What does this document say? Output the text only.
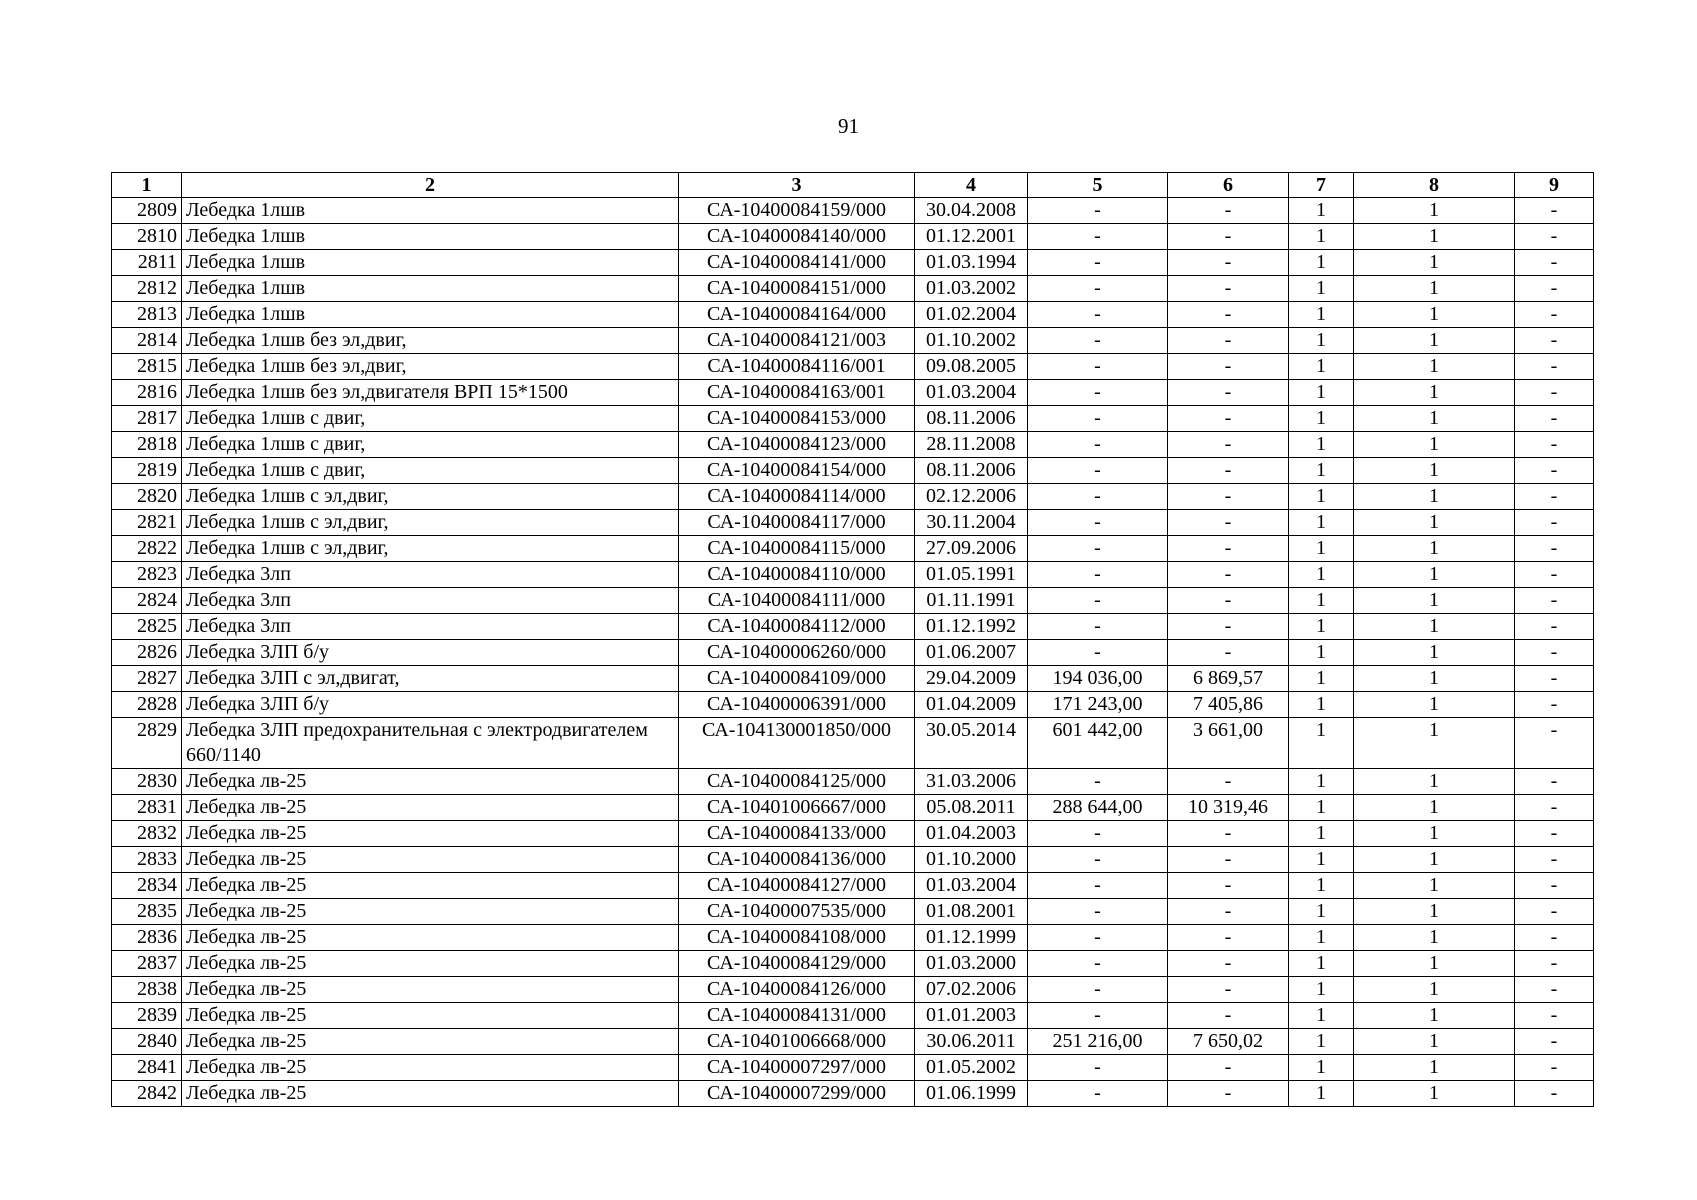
91
1	2	3	4	5	6	7	8	9
2809	Лебедка 1лшв	СА-10400084159/000	30.04.2008	-	-	1	1	-
2810	Лебедка 1лшв	СА-10400084140/000	01.12.2001	-	-	1	1	-
2811	Лебедка 1лшв	СА-10400084141/000	01.03.1994	-	-	1	1	-
2812	Лебедка 1лшв	СА-10400084151/000	01.03.2002	-	-	1	1	-
2813	Лебедка 1лшв	СА-10400084164/000	01.02.2004	-	-	1	1	-
2814	Лебедка 1лшв без эл,двиг,	СА-10400084121/003	01.10.2002	-	-	1	1	-
2815	Лебедка 1лшв без эл,двиг,	СА-10400084116/001	09.08.2005	-	-	1	1	-
2816	Лебедка 1лшв без эл,двигателя ВРП 15*1500	СА-10400084163/001	01.03.2004	-	-	1	1	-
2817	Лебедка 1лшв с двиг,	СА-10400084153/000	08.11.2006	-	-	1	1	-
2818	Лебедка 1лшв с двиг,	СА-10400084123/000	28.11.2008	-	-	1	1	-
2819	Лебедка 1лшв с двиг,	СА-10400084154/000	08.11.2006	-	-	1	1	-
2820	Лебедка 1лшв с эл,двиг,	СА-10400084114/000	02.12.2006	-	-	1	1	-
2821	Лебедка 1лшв с эл,двиг,	СА-10400084117/000	30.11.2004	-	-	1	1	-
2822	Лебедка 1лшв с эл,двиг,	СА-10400084115/000	27.09.2006	-	-	1	1	-
2823	Лебедка 3лп	СА-10400084110/000	01.05.1991	-	-	1	1	-
2824	Лебедка 3лп	СА-10400084111/000	01.11.1991	-	-	1	1	-
2825	Лебедка 3лп	СА-10400084112/000	01.12.1992	-	-	1	1	-
2826	Лебедка 3ЛП б/у	СА-10400006260/000	01.06.2007	-	-	1	1	-
2827	Лебедка 3ЛП с эл,двигат,	СА-10400084109/000	29.04.2009	194 036,00	6 869,57	1	1	-
2828	Лебедка 3ЛП б/у	СА-10400006391/000	01.04.2009	171 243,00	7 405,86	1	1	-
2829	Лебедка 3ЛП предохранительная с электродвигателем 660/1140	СА-104130001850/000	30.05.2014	601 442,00	3 661,00	1	1	-
2830	Лебедка лв-25	СА-10400084125/000	31.03.2006	-	-	1	1	-
2831	Лебедка лв-25	СА-10401006667/000	05.08.2011	288 644,00	10 319,46	1	1	-
2832	Лебедка лв-25	СА-10400084133/000	01.04.2003	-	-	1	1	-
2833	Лебедка лв-25	СА-10400084136/000	01.10.2000	-	-	1	1	-
2834	Лебедка лв-25	СА-10400084127/000	01.03.2004	-	-	1	1	-
2835	Лебедка лв-25	СА-10400007535/000	01.08.2001	-	-	1	1	-
2836	Лебедка лв-25	СА-10400084108/000	01.12.1999	-	-	1	1	-
2837	Лебедка лв-25	СА-10400084129/000	01.03.2000	-	-	1	1	-
2838	Лебедка лв-25	СА-10400084126/000	07.02.2006	-	-	1	1	-
2839	Лебедка лв-25	СА-10400084131/000	01.01.2003	-	-	1	1	-
2840	Лебедка лв-25	СА-10401006668/000	30.06.2011	251 216,00	7 650,02	1	1	-
2841	Лебедка лв-25	СА-10400007297/000	01.05.2002	-	-	1	1	-
2842	Лебедка лв-25	СА-10400007299/000	01.06.1999	-	-	1	1	-
